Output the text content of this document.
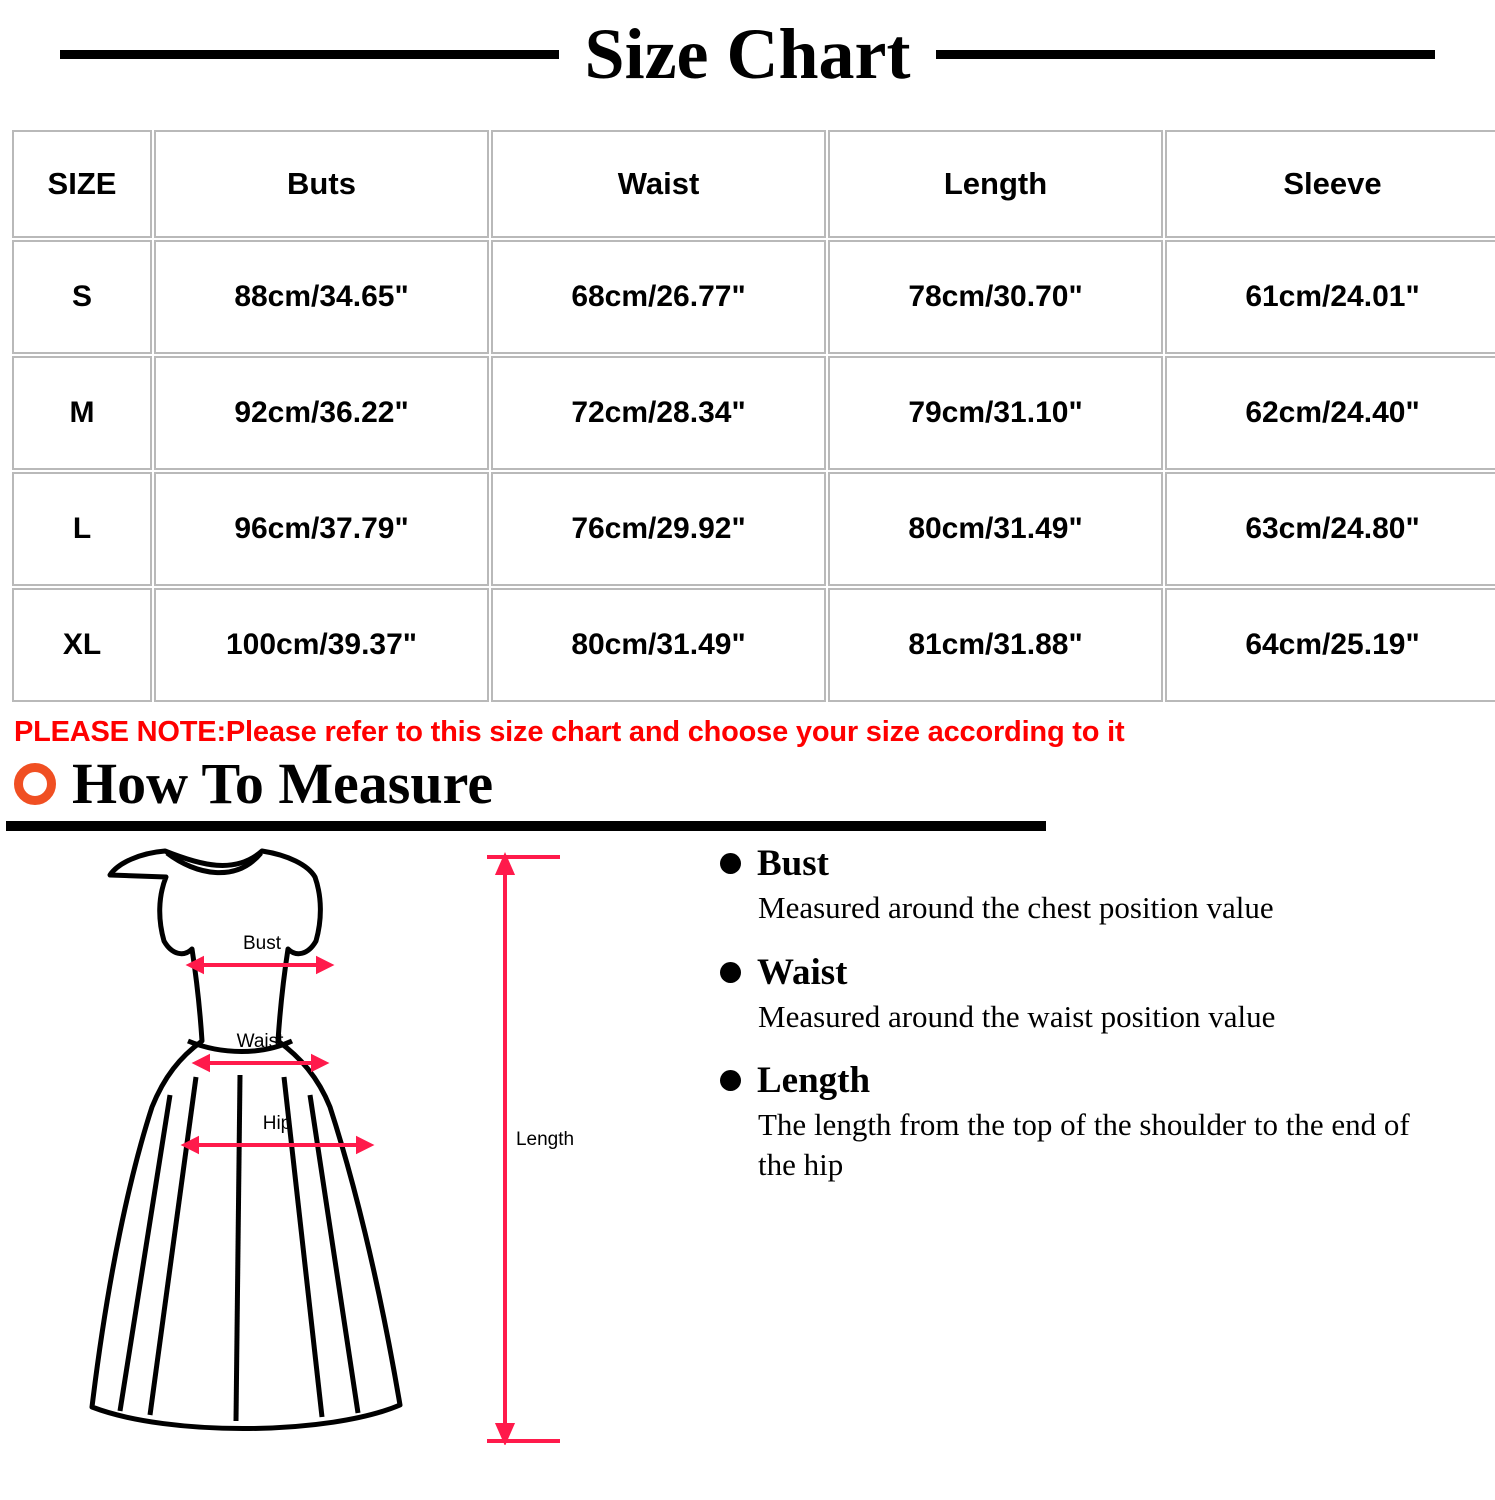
Size Chart
SIZE	Buts	Waist	Length	Sleeve
S	88cm/34.65"	68cm/26.77"	78cm/30.70"	61cm/24.01"
M	92cm/36.22"	72cm/28.34"	79cm/31.10"	62cm/24.40"
L	96cm/37.79"	76cm/29.92"	80cm/31.49"	63cm/24.80"
XL	100cm/39.37"	80cm/31.49"	81cm/31.88"	64cm/25.19"
PLEASE NOTE:Please refer to this size chart and choose your size according to it
How To Measure
Bust
Waist
Hip
Length
Bust
Measured around the chest position value
Waist
Measured around the waist position value
Length
The length from the top of the shoulder to the end of the hip
